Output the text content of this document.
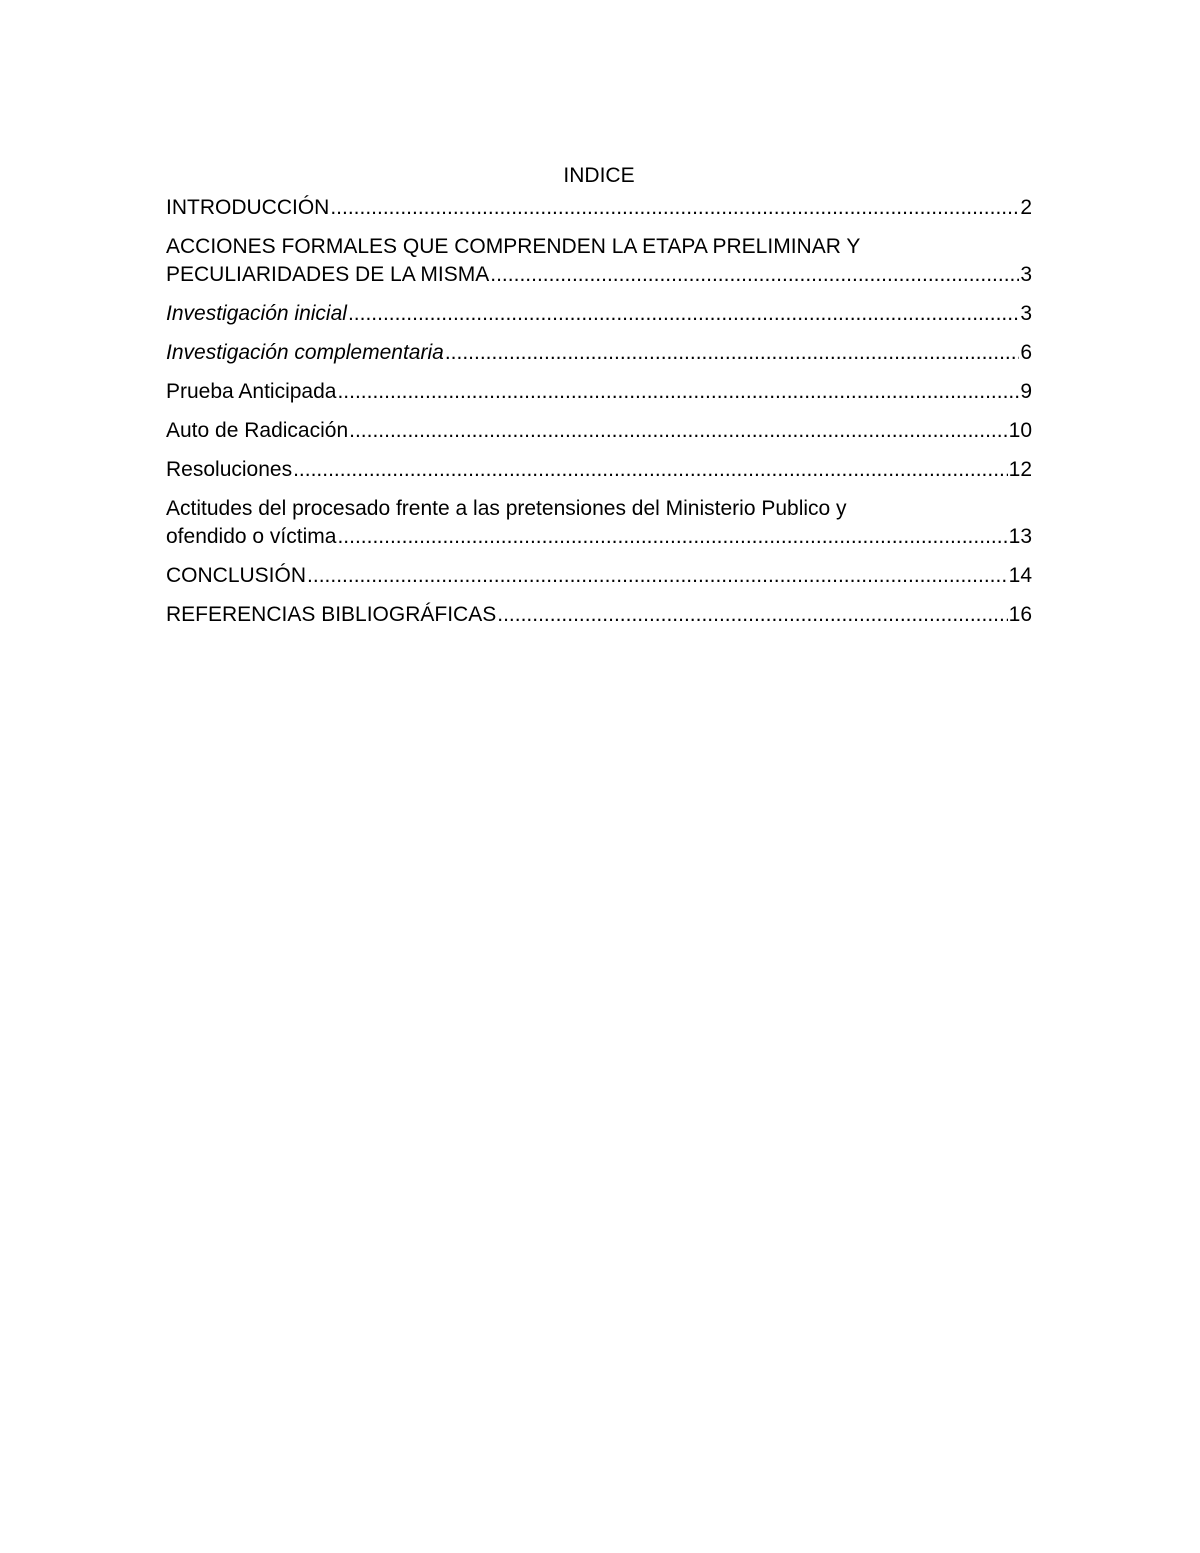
INDICE
INTRODUCCIÓN .....	2
ACCIONES FORMALES QUE COMPRENDEN LA ETAPA PRELIMINAR Y
PECULIARIDADES DE LA MISMA .....	3
Investigación inicial .....	3
Investigación complementaria .....	6
Prueba Anticipada .....	9
Auto de Radicación .....	10
Resoluciones .....	12
Actitudes del procesado frente a las pretensiones del Ministerio Publico y
ofendido o víctima .....	13
CONCLUSIÓN .....	14
REFERENCIAS BIBLIOGRÁFICAS .....	16
